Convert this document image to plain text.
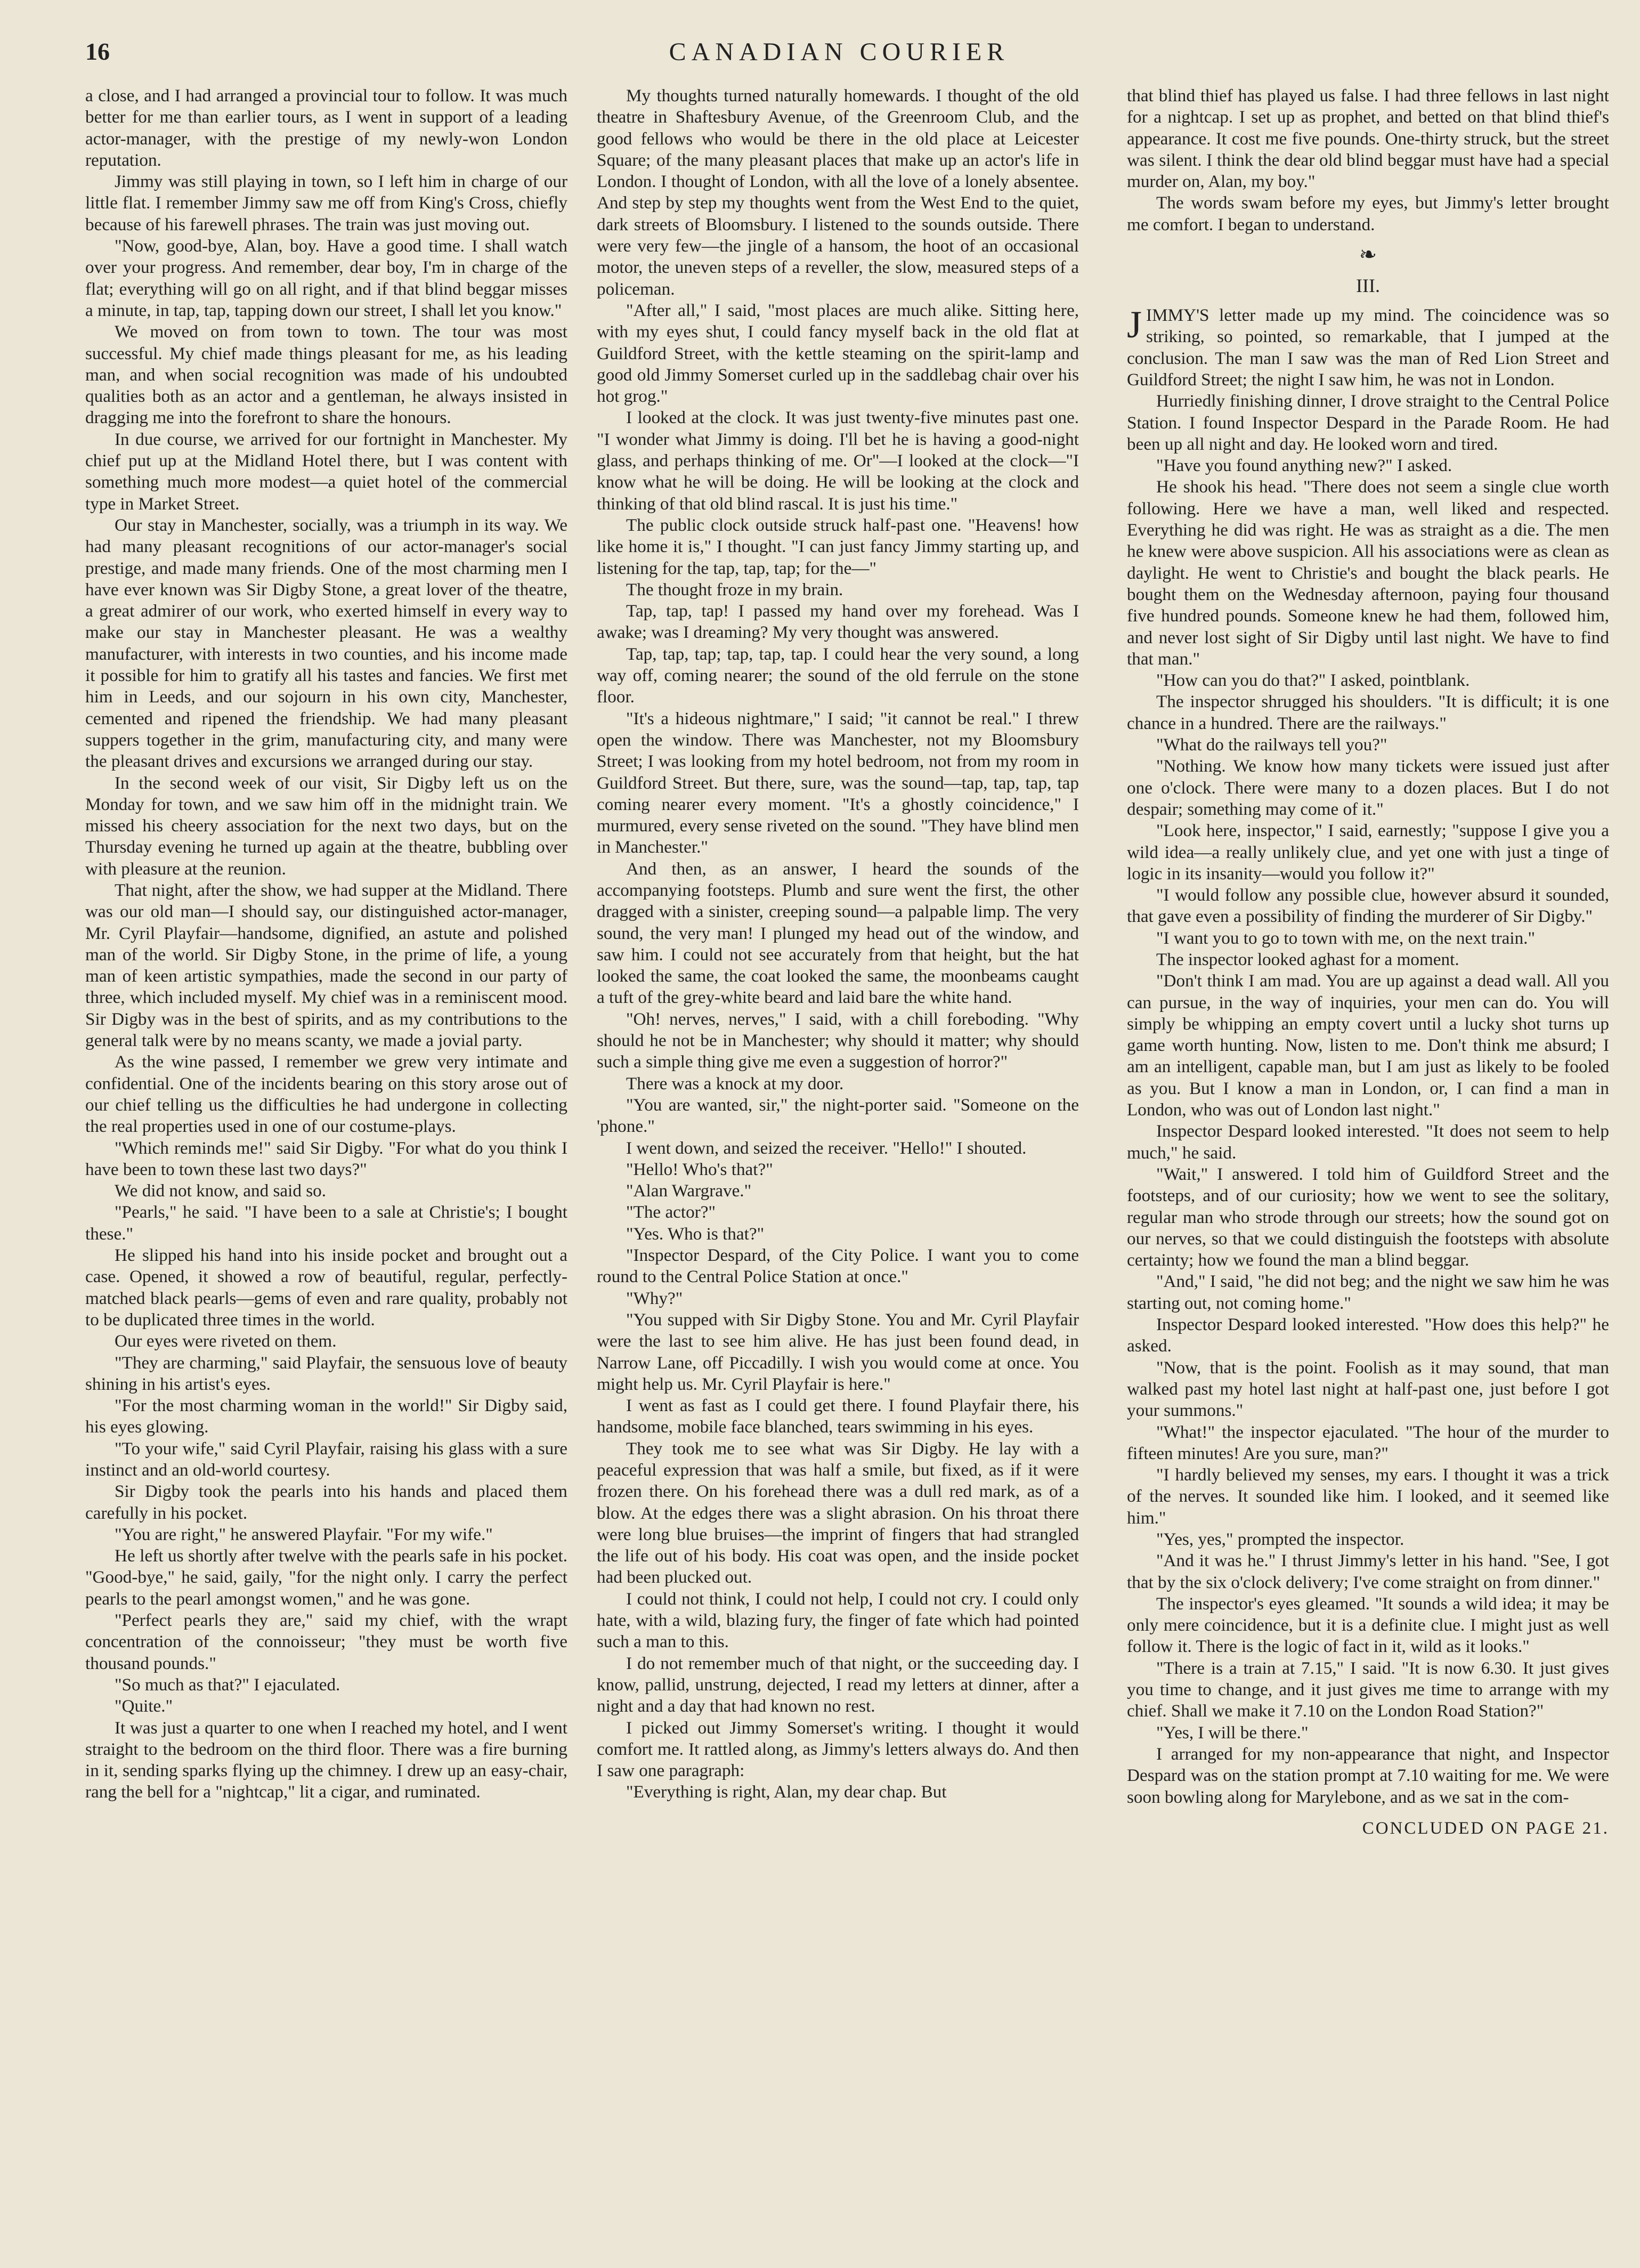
16	CANADIAN COURIER

a close, and I had arranged a provincial tour to follow. It was much better for me than earlier tours, as I went in support of a leading actor-manager, with the prestige of my newly-won London reputation.

Jimmy was still playing in town, so I left him in charge of our little flat. I remember Jimmy saw me off from King's Cross, chiefly because of his farewell phrases. The train was just moving out.

"Now, good-bye, Alan, boy. Have a good time. I shall watch over your progress. And remember, dear boy, I'm in charge of the flat; everything will go on all right, and if that blind beggar misses a minute, in tap, tap, tapping down our street, I shall let you know."

We moved on from town to town. The tour was most successful. My chief made things pleasant for me, as his leading man, and when social recognition was made of his undoubted qualities both as an actor and a gentleman, he always insisted in dragging me into the forefront to share the honours.

In due course, we arrived for our fortnight in Manchester. My chief put up at the Midland Hotel there, but I was content with something much more modest—a quiet hotel of the commercial type in Market Street.

Our stay in Manchester, socially, was a triumph in its way. We had many pleasant recognitions of our actor-manager's social prestige, and made many friends. One of the most charming men I have ever known was Sir Digby Stone, a great lover of the theatre, a great admirer of our work, who exerted himself in every way to make our stay in Manchester pleasant. He was a wealthy manufacturer, with interests in two counties, and his income made it possible for him to gratify all his tastes and fancies. We first met him in Leeds, and our sojourn in his own city, Manchester, cemented and ripened the friendship. We had many pleasant suppers together in the grim, manufacturing city, and many were the pleasant drives and excursions we arranged during our stay.

In the second week of our visit, Sir Digby left us on the Monday for town, and we saw him off in the midnight train. We missed his cheery association for the next two days, but on the Thursday evening he turned up again at the theatre, bubbling over with pleasure at the reunion.

That night, after the show, we had supper at the Midland. There was our old man—I should say, our distinguished actor-manager, Mr. Cyril Playfair—handsome, dignified, an astute and polished man of the world. Sir Digby Stone, in the prime of life, a young man of keen artistic sympathies, made the second in our party of three, which included myself. My chief was in a reminiscent mood. Sir Digby was in the best of spirits, and as my contributions to the general talk were by no means scanty, we made a jovial party.

As the wine passed, I remember we grew very intimate and confidential. One of the incidents bearing on this story arose out of our chief telling us the difficulties he had undergone in collecting the real properties used in one of our costume-plays.

"Which reminds me!" said Sir Digby. "For what do you think I have been to town these last two days?"

We did not know, and said so.

"Pearls," he said. "I have been to a sale at Christie's; I bought these."

He slipped his hand into his inside pocket and brought out a case. Opened, it showed a row of beautiful, regular, perfectly-matched black pearls—gems of even and rare quality, probably not to be duplicated three times in the world.

Our eyes were riveted on them.

"They are charming," said Playfair, the sensuous love of beauty shining in his artist's eyes.

"For the most charming woman in the world!" Sir Digby said, his eyes glowing.

"To your wife," said Cyril Playfair, raising his glass with a sure instinct and an old-world courtesy.

Sir Digby took the pearls into his hands and placed them carefully in his pocket.

"You are right," he answered Playfair. "For my wife."

He left us shortly after twelve with the pearls safe in his pocket. "Good-bye," he said, gaily, "for the night only. I carry the perfect pearls to the pearl amongst women," and he was gone.

"Perfect pearls they are," said my chief, with the wrapt concentration of the connoisseur; "they must be worth five thousand pounds."

"So much as that?" I ejaculated.

"Quite."

It was just a quarter to one when I reached my hotel, and I went straight to the bedroom on the third floor. There was a fire burning in it, sending sparks flying up the chimney. I drew up an easy-chair, rang the bell for a "nightcap," lit a cigar, and ruminated.

My thoughts turned naturally homewards. I thought of the old theatre in Shaftesbury Avenue, of the Greenroom Club, and the good fellows who would be there in the old place at Leicester Square; of the many pleasant places that make up an actor's life in London. I thought of London, with all the love of a lonely absentee. And step by step my thoughts went from the West End to the quiet, dark streets of Bloomsbury. I listened to the sounds outside. There were very few—the jingle of a hansom, the hoot of an occasional motor, the uneven steps of a reveller, the slow, measured steps of a policeman.

"After all," I said, "most places are much alike. Sitting here, with my eyes shut, I could fancy myself back in the old flat at Guildford Street, with the kettle steaming on the spirit-lamp and good old Jimmy Somerset curled up in the saddlebag chair over his hot grog."

I looked at the clock. It was just twenty-five minutes past one. "I wonder what Jimmy is doing. I'll bet he is having a good-night glass, and perhaps thinking of me. Or"—I looked at the clock—"I know what he will be doing. He will be looking at the clock and thinking of that old blind rascal. It is just his time."

The public clock outside struck half-past one. "Heavens! how like home it is," I thought. "I can just fancy Jimmy starting up, and listening for the tap, tap, tap; for the—"

The thought froze in my brain.

Tap, tap, tap! I passed my hand over my forehead. Was I awake; was I dreaming? My very thought was answered.

Tap, tap, tap; tap, tap, tap. I could hear the very sound, a long way off, coming nearer; the sound of the old ferrule on the stone floor.

"It's a hideous nightmare," I said; "it cannot be real." I threw open the window. There was Manchester, not my Bloomsbury Street; I was looking from my hotel bedroom, not from my room in Guildford Street. But there, sure, was the sound—tap, tap, tap, tap coming nearer every moment. "It's a ghostly coincidence," I murmured, every sense riveted on the sound. "They have blind men in Manchester."

And then, as an answer, I heard the sounds of the accompanying footsteps. Plumb and sure went the first, the other dragged with a sinister, creeping sound—a palpable limp. The very sound, the very man! I plunged my head out of the window, and saw him. I could not see accurately from that height, but the hat looked the same, the coat looked the same, the moonbeams caught a tuft of the grey-white beard and laid bare the white hand.

"Oh! nerves, nerves," I said, with a chill foreboding. "Why should he not be in Manchester; why should it matter; why should such a simple thing give me even a suggestion of horror?"

There was a knock at my door.

"You are wanted, sir," the night-porter said. "Someone on the 'phone."

I went down, and seized the receiver. "Hello!" I shouted.

"Hello! Who's that?"

"Alan Wargrave."

"The actor?"

"Yes. Who is that?"

"Inspector Despard, of the City Police. I want you to come round to the Central Police Station at once."

"Why?"

"You supped with Sir Digby Stone. You and Mr. Cyril Playfair were the last to see him alive. He has just been found dead, in Narrow Lane, off Piccadilly. I wish you would come at once. You might help us. Mr. Cyril Playfair is here."

I went as fast as I could get there. I found Playfair there, his handsome, mobile face blanched, tears swimming in his eyes.

They took me to see what was Sir Digby. He lay with a peaceful expression that was half a smile, but fixed, as if it were frozen there. On his forehead there was a dull red mark, as of a blow. At the edges there was a slight abrasion. On his throat there were long blue bruises—the imprint of fingers that had strangled the life out of his body. His coat was open, and the inside pocket had been plucked out.

I could not think, I could not help, I could not cry. I could only hate, with a wild, blazing fury, the finger of fate which had pointed such a man to this.

I do not remember much of that night, or the succeeding day. I know, pallid, unstrung, dejected, I read my letters at dinner, after a night and a day that had known no rest.

I picked out Jimmy Somerset's writing. I thought it would comfort me. It rattled along, as Jimmy's letters always do. And then I saw one paragraph:

"Everything is right, Alan, my dear chap. But

that blind thief has played us false. I had three fellows in last night for a nightcap. I set up as prophet, and betted on that blind thief's appearance. It cost me five pounds. One-thirty struck, but the street was silent. I think the dear old blind beggar must have had a special murder on, Alan, my boy."

The words swam before my eyes, but Jimmy's letter brought me comfort. I began to understand.

❧
III.

JIMMY'S letter made up my mind. The coincidence was so striking, so pointed, so remarkable, that I jumped at the conclusion. The man I saw was the man of Red Lion Street and Guildford Street; the night I saw him, he was not in London.

Hurriedly finishing dinner, I drove straight to the Central Police Station. I found Inspector Despard in the Parade Room. He had been up all night and day. He looked worn and tired.

"Have you found anything new?" I asked.

He shook his head. "There does not seem a single clue worth following. Here we have a man, well liked and respected. Everything he did was right. He was as straight as a die. The men he knew were above suspicion. All his associations were as clean as daylight. He went to Christie's and bought the black pearls. He bought them on the Wednesday afternoon, paying four thousand five hundred pounds. Someone knew he had them, followed him, and never lost sight of Sir Digby until last night. We have to find that man."

"How can you do that?" I asked, pointblank.

The inspector shrugged his shoulders. "It is difficult; it is one chance in a hundred. There are the railways."

"What do the railways tell you?"

"Nothing. We know how many tickets were issued just after one o'clock. There were many to a dozen places. But I do not despair; something may come of it."

"Look here, inspector," I said, earnestly; "suppose I give you a wild idea—a really unlikely clue, and yet one with just a tinge of logic in its insanity—would you follow it?"

"I would follow any possible clue, however absurd it sounded, that gave even a possibility of finding the murderer of Sir Digby."

"I want you to go to town with me, on the next train."

The inspector looked aghast for a moment.

"Don't think I am mad. You are up against a dead wall. All you can pursue, in the way of inquiries, your men can do. You will simply be whipping an empty covert until a lucky shot turns up game worth hunting. Now, listen to me. Don't think me absurd; I am an intelligent, capable man, but I am just as likely to be fooled as you. But I know a man in London, or, I can find a man in London, who was out of London last night."

Inspector Despard looked interested. "It does not seem to help much," he said.

"Wait," I answered. I told him of Guildford Street and the footsteps, and of our curiosity; how we went to see the solitary, regular man who strode through our streets; how the sound got on our nerves, so that we could distinguish the footsteps with absolute certainty; how we found the man a blind beggar.

"And," I said, "he did not beg; and the night we saw him he was starting out, not coming home."

Inspector Despard looked interested. "How does this help?" he asked.

"Now, that is the point. Foolish as it may sound, that man walked past my hotel last night at half-past one, just before I got your summons."

"What!" the inspector ejaculated. "The hour of the murder to fifteen minutes! Are you sure, man?"

"I hardly believed my senses, my ears. I thought it was a trick of the nerves. It sounded like him. I looked, and it seemed like him."

"Yes, yes," prompted the inspector.

"And it was he." I thrust Jimmy's letter in his hand. "See, I got that by the six o'clock delivery; I've come straight on from dinner."

The inspector's eyes gleamed. "It sounds a wild idea; it may be only mere coincidence, but it is a definite clue. I might just as well follow it. There is the logic of fact in it, wild as it looks."

"There is a train at 7.15," I said. "It is now 6.30. It just gives you time to change, and it just gives me time to arrange with my chief. Shall we make it 7.10 on the London Road Station?"

"Yes, I will be there."

I arranged for my non-appearance that night, and Inspector Despard was on the station prompt at 7.10 waiting for me. We were soon bowling along for Marylebone, and as we sat in the com-

CONCLUDED ON PAGE 21.
